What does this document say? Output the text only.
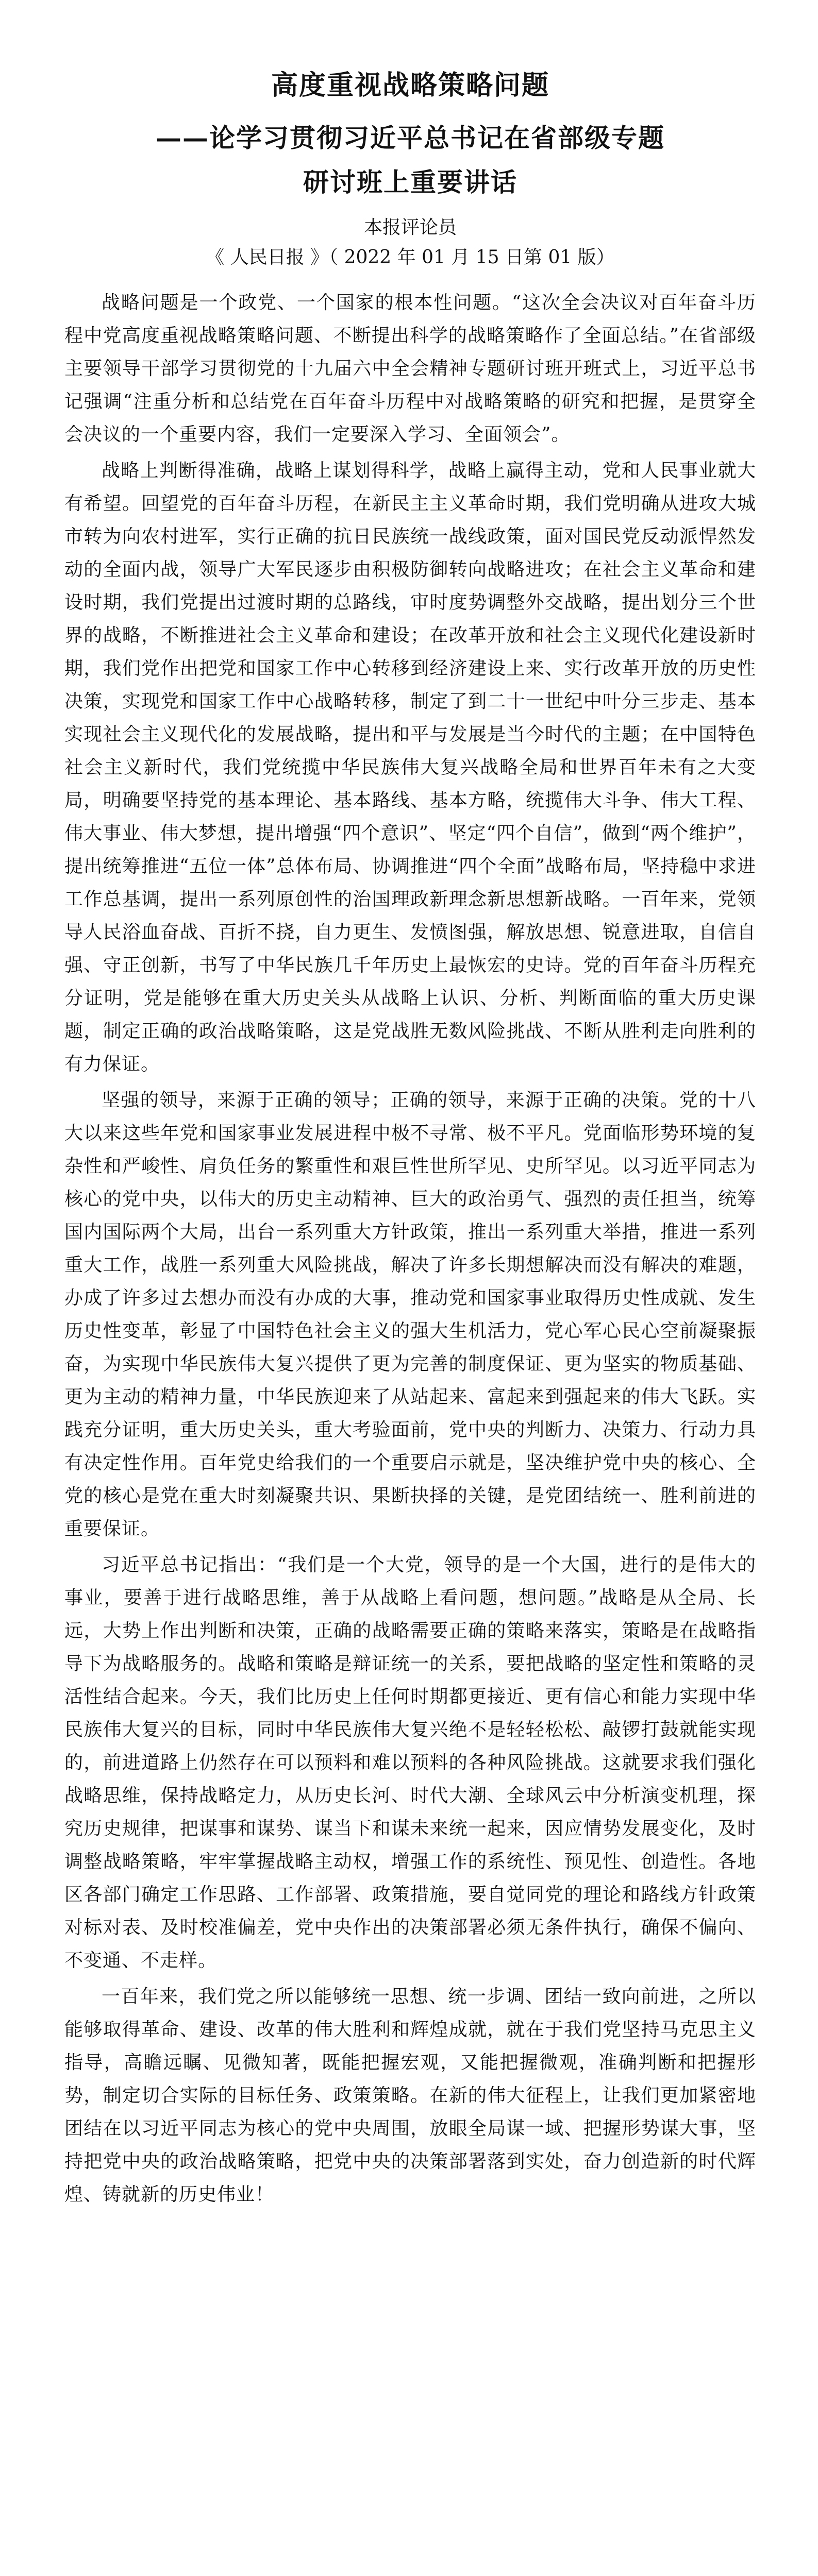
高度重视战略策略问题
——论学习贯彻习近平总书记在省部级专题
研讨班上重要讲话
本报评论员
《 人民日报 》（ 2022 年 01 月 15 日第 01 版）

战略问题是一个政党、一个国家的根本性问题。“这次全会决议对百年奋斗历程中党高度重视战略策略问题、不断提出科学的战略策略作了全面总结。”在省部级主要领导干部学习贯彻党的十九届六中全会精神专题研讨班开班式上，习近平总书记强调“注重分析和总结党在百年奋斗历程中对战略策略的研究和把握，是贯穿全会决议的一个重要内容，我们一定要深入学习、全面领会”。

战略上判断得准确，战略上谋划得科学，战略上赢得主动，党和人民事业就大有希望。回望党的百年奋斗历程，在新民主主义革命时期，我们党明确从进攻大城市转为向农村进军，实行正确的抗日民族统一战线政策，面对国民党反动派悍然发动的全面内战，领导广大军民逐步由积极防御转向战略进攻；在社会主义革命和建设时期，我们党提出过渡时期的总路线，审时度势调整外交战略，提出划分三个世界的战略，不断推进社会主义革命和建设；在改革开放和社会主义现代化建设新时期，我们党作出把党和国家工作中心转移到经济建设上来、实行改革开放的历史性决策，实现党和国家工作中心战略转移，制定了到二十一世纪中叶分三步走、基本实现社会主义现代化的发展战略，提出和平与发展是当今时代的主题；在中国特色社会主义新时代，我们党统揽中华民族伟大复兴战略全局和世界百年未有之大变局，明确要坚持党的基本理论、基本路线、基本方略，统揽伟大斗争、伟大工程、伟大事业、伟大梦想，提出增强“四个意识”、坚定“四个自信”，做到“两个维护”，提出统筹推进“五位一体”总体布局、协调推进“四个全面”战略布局，坚持稳中求进工作总基调，提出一系列原创性的治国理政新理念新思想新战略。一百年来，党领导人民浴血奋战、百折不挠，自力更生、发愤图强，解放思想、锐意进取，自信自强、守正创新，书写了中华民族几千年历史上最恢宏的史诗。党的百年奋斗历程充分证明，党是能够在重大历史关头从战略上认识、分析、判断面临的重大历史课题，制定正确的政治战略策略，这是党战胜无数风险挑战、不断从胜利走向胜利的有力保证。

坚强的领导，来源于正确的领导；正确的领导，来源于正确的决策。党的十八大以来这些年党和国家事业发展进程中极不寻常、极不平凡。党面临形势环境的复杂性和严峻性、肩负任务的繁重性和艰巨性世所罕见、史所罕见。以习近平同志为核心的党中央，以伟大的历史主动精神、巨大的政治勇气、强烈的责任担当，统筹国内国际两个大局，出台一系列重大方针政策，推出一系列重大举措，推进一系列重大工作，战胜一系列重大风险挑战，解决了许多长期想解决而没有解决的难题，办成了许多过去想办而没有办成的大事，推动党和国家事业取得历史性成就、发生历史性变革，彰显了中国特色社会主义的强大生机活力，党心军心民心空前凝聚振奋，为实现中华民族伟大复兴提供了更为完善的制度保证、更为坚实的物质基础、更为主动的精神力量，中华民族迎来了从站起来、富起来到强起来的伟大飞跃。实践充分证明，重大历史关头，重大考验面前，党中央的判断力、决策力、行动力具有决定性作用。百年党史给我们的一个重要启示就是，坚决维护党中央的核心、全党的核心是党在重大时刻凝聚共识、果断抉择的关键，是党团结统一、胜利前进的重要保证。

习近平总书记指出：“我们是一个大党，领导的是一个大国，进行的是伟大的事业，要善于进行战略思维，善于从战略上看问题，想问题。”战略是从全局、长远，大势上作出判断和决策，正确的战略需要正确的策略来落实，策略是在战略指导下为战略服务的。战略和策略是辩证统一的关系，要把战略的坚定性和策略的灵活性结合起来。今天，我们比历史上任何时期都更接近、更有信心和能力实现中华民族伟大复兴的目标，同时中华民族伟大复兴绝不是轻轻松松、敲锣打鼓就能实现的，前进道路上仍然存在可以预料和难以预料的各种风险挑战。这就要求我们强化战略思维，保持战略定力，从历史长河、时代大潮、全球风云中分析演变机理，探究历史规律，把谋事和谋势、谋当下和谋未来统一起来，因应情势发展变化，及时调整战略策略，牢牢掌握战略主动权，增强工作的系统性、预见性、创造性。各地区各部门确定工作思路、工作部署、政策措施，要自觉同党的理论和路线方针政策对标对表、及时校准偏差，党中央作出的决策部署必须无条件执行，确保不偏向、不变通、不走样。

一百年来，我们党之所以能够统一思想、统一步调、团结一致向前进，之所以能够取得革命、建设、改革的伟大胜利和辉煌成就，就在于我们党坚持马克思主义指导，高瞻远瞩、见微知著，既能把握宏观，又能把握微观，准确判断和把握形势，制定切合实际的目标任务、政策策略。在新的伟大征程上，让我们更加紧密地团结在以习近平同志为核心的党中央周围，放眼全局谋一域、把握形势谋大事，坚持把党中央的政治战略策略，把党中央的决策部署落到实处，奋力创造新的时代辉煌、铸就新的历史伟业！
